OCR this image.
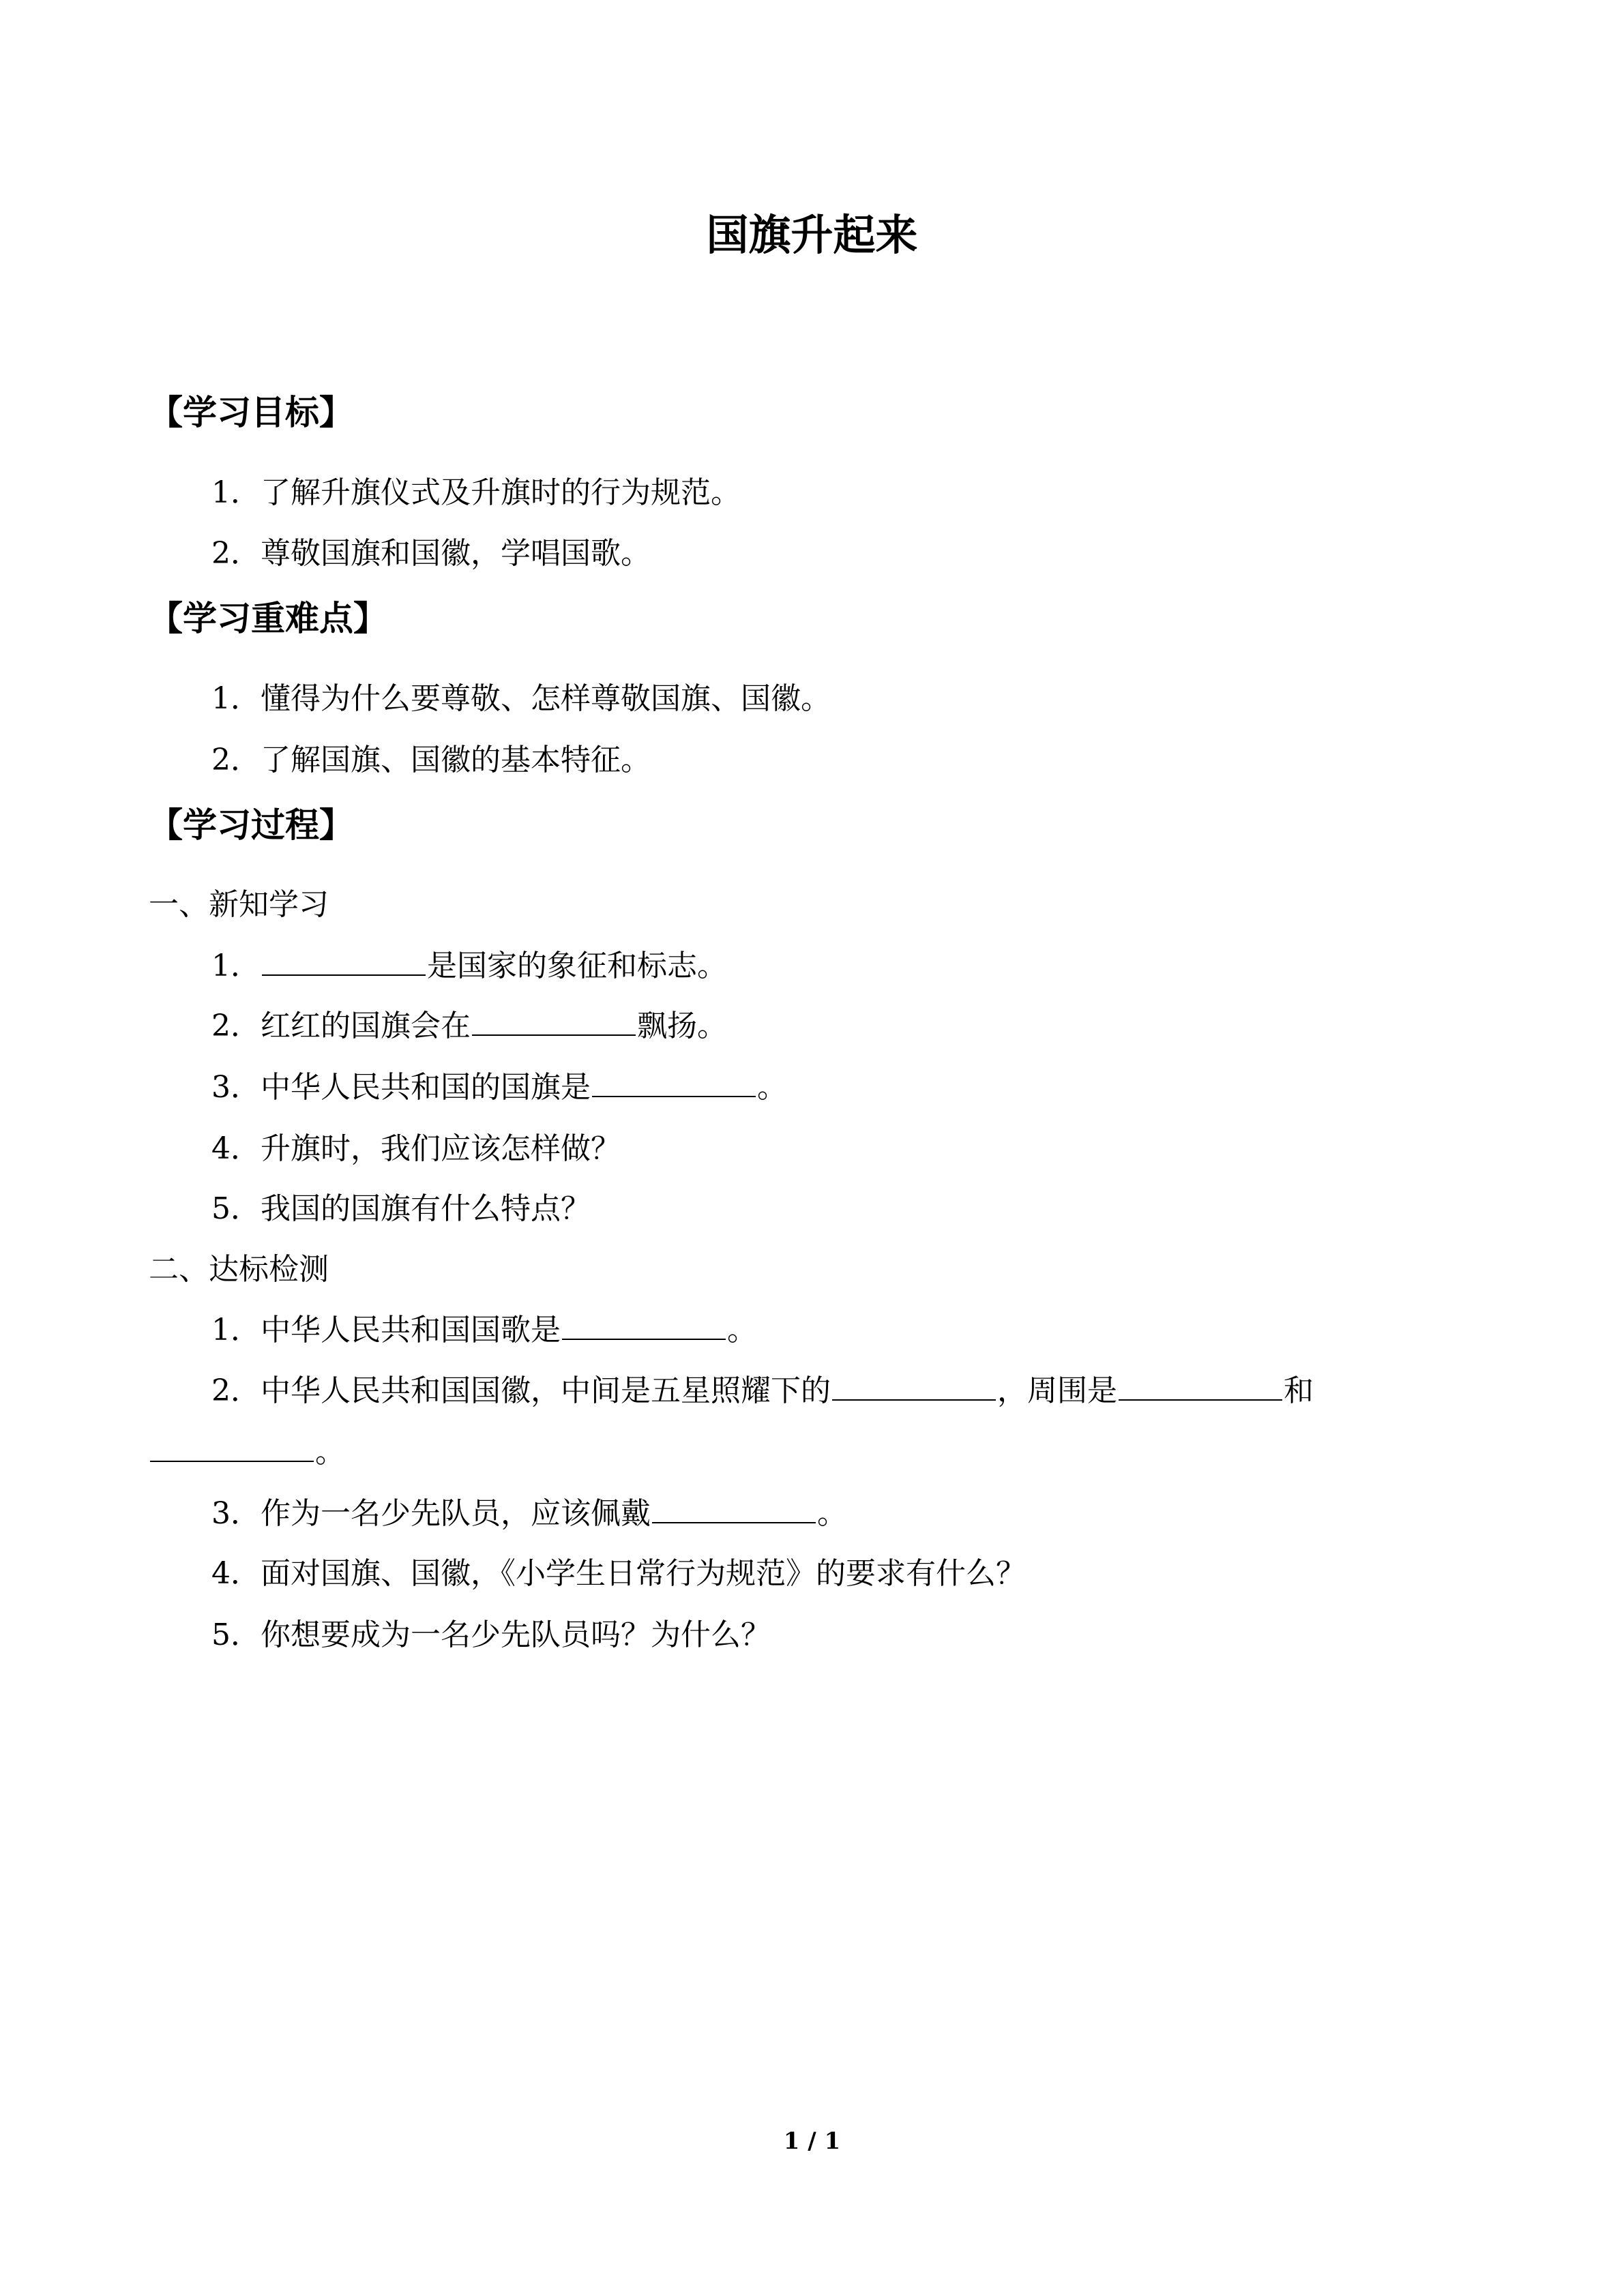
国旗升起来
【学习目标】
1．了解升旗仪式及升旗时的行为规范。
2．尊敬国旗和国徽，学唱国歌。
【学习重难点】
1．懂得为什么要尊敬、怎样尊敬国旗、国徽。
2．了解国旗、国徽的基本特征。
【学习过程】
一、新知学习
1．	是国家的象征和标志。
2．红红的国旗会在	飘扬。
3．中华人民共和国的国旗是	。
4．升旗时，我们应该怎样做？
5．我国的国旗有什么特点？
二、达标检测
1．中华人民共和国国歌是	。
2．中华人民共和国国徽，中间是五星照耀下的	，周围是	和
。
3．作为一名少先队员，应该佩戴	。
4．面对国旗、国徽，《小学生日常行为规范》的要求有什么？
5．你想要成为一名少先队员吗？为什么？
1 / 1
